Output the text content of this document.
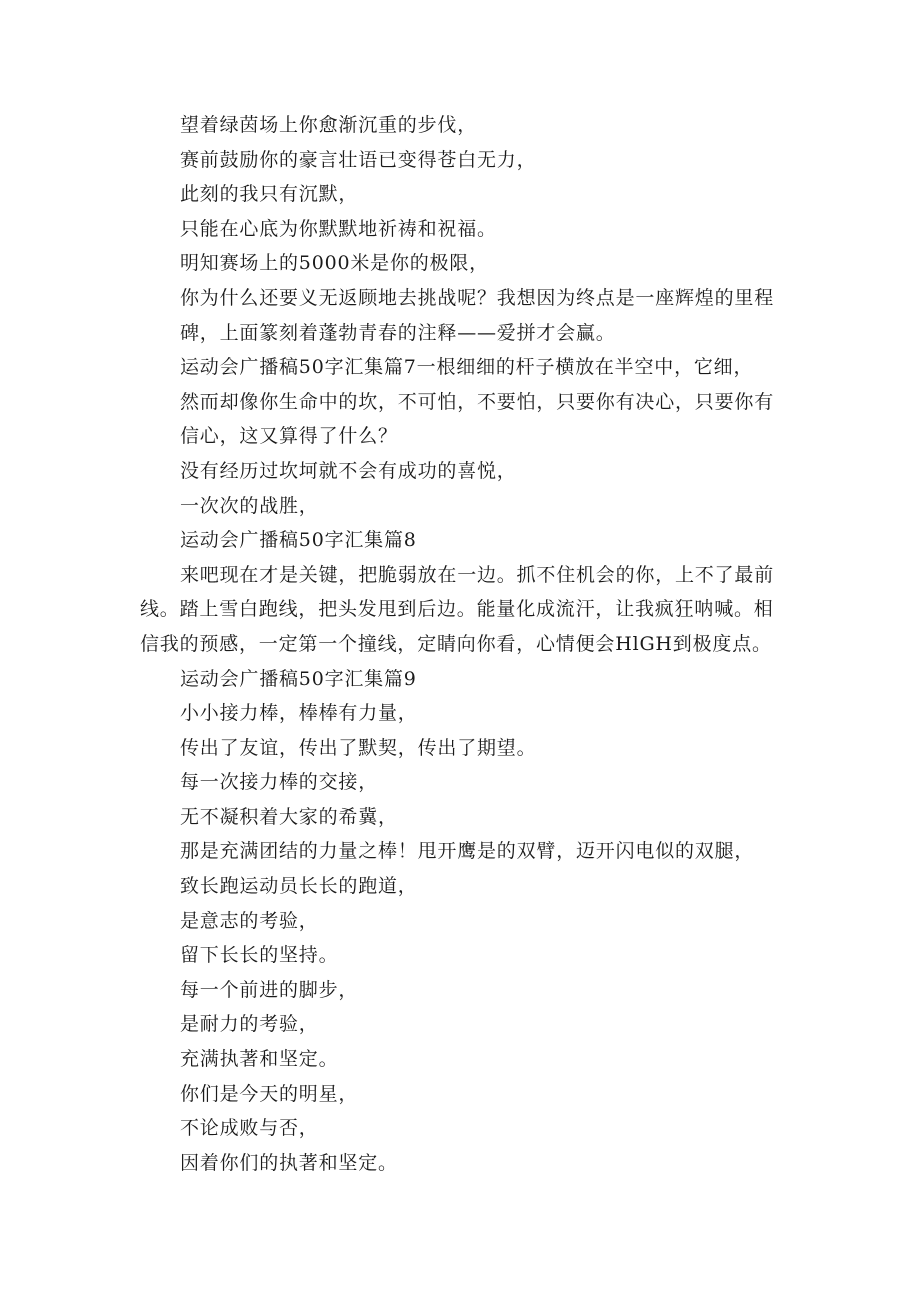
望着绿茵场上你愈渐沉重的步伐，
赛前鼓励你的豪言壮语已变得苍白无力，
此刻的我只有沉默，
只能在心底为你默默地祈祷和祝福。
明知赛场上的5000米是你的极限，
你为什么还要义无返顾地去挑战呢？我想因为终点是一座辉煌的里程
碑，上面篆刻着蓬勃青春的注释——爱拼才会赢。
运动会广播稿50字汇集篇7一根细细的杆子横放在半空中，它细，
然而却像你生命中的坎，不可怕，不要怕，只要你有决心，只要你有
信心，这又算得了什么？
没有经历过坎坷就不会有成功的喜悦，
一次次的战胜，
运动会广播稿50字汇集篇8
来吧现在才是关键，把脆弱放在一边。抓不住机会的你，上不了最前
线。踏上雪白跑线，把头发甩到后边。能量化成流汗，让我疯狂呐喊。相
信我的预感，一定第一个撞线，定睛向你看，心情便会HlGH到极度点。
运动会广播稿50字汇集篇9
小小接力棒，棒棒有力量，
传出了友谊，传出了默契，传出了期望。
每一次接力棒的交接，
无不凝积着大家的希冀，
那是充满团结的力量之棒！甩开鹰是的双臂，迈开闪电似的双腿，
致长跑运动员长长的跑道，
是意志的考验，
留下长长的坚持。
每一个前进的脚步，
是耐力的考验，
充满执著和坚定。
你们是今天的明星，
不论成败与否，
因着你们的执著和坚定。
